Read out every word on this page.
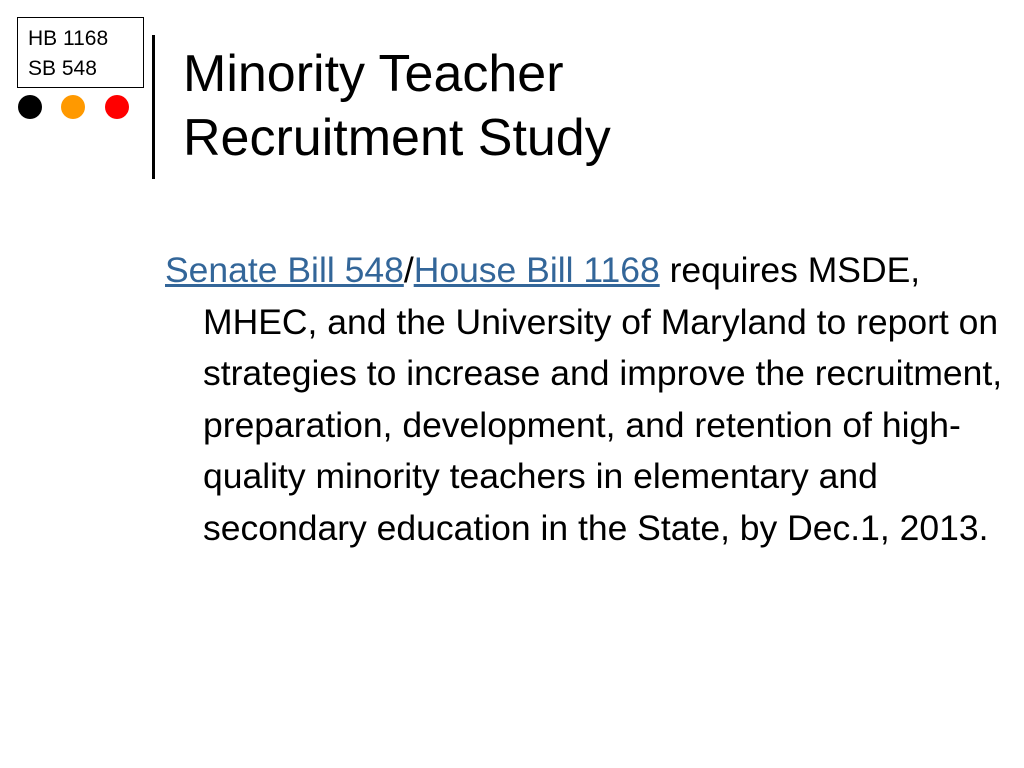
HB 1168
SB 548	Minority Teacher
Recruitment Study

Senate Bill 548/House Bill 1168 requires MSDE, MHEC, and the University of Maryland to report on strategies to increase and improve the recruitment, preparation, development, and retention of high-quality minority teachers in elementary and secondary education in the State, by Dec.1, 2013.
